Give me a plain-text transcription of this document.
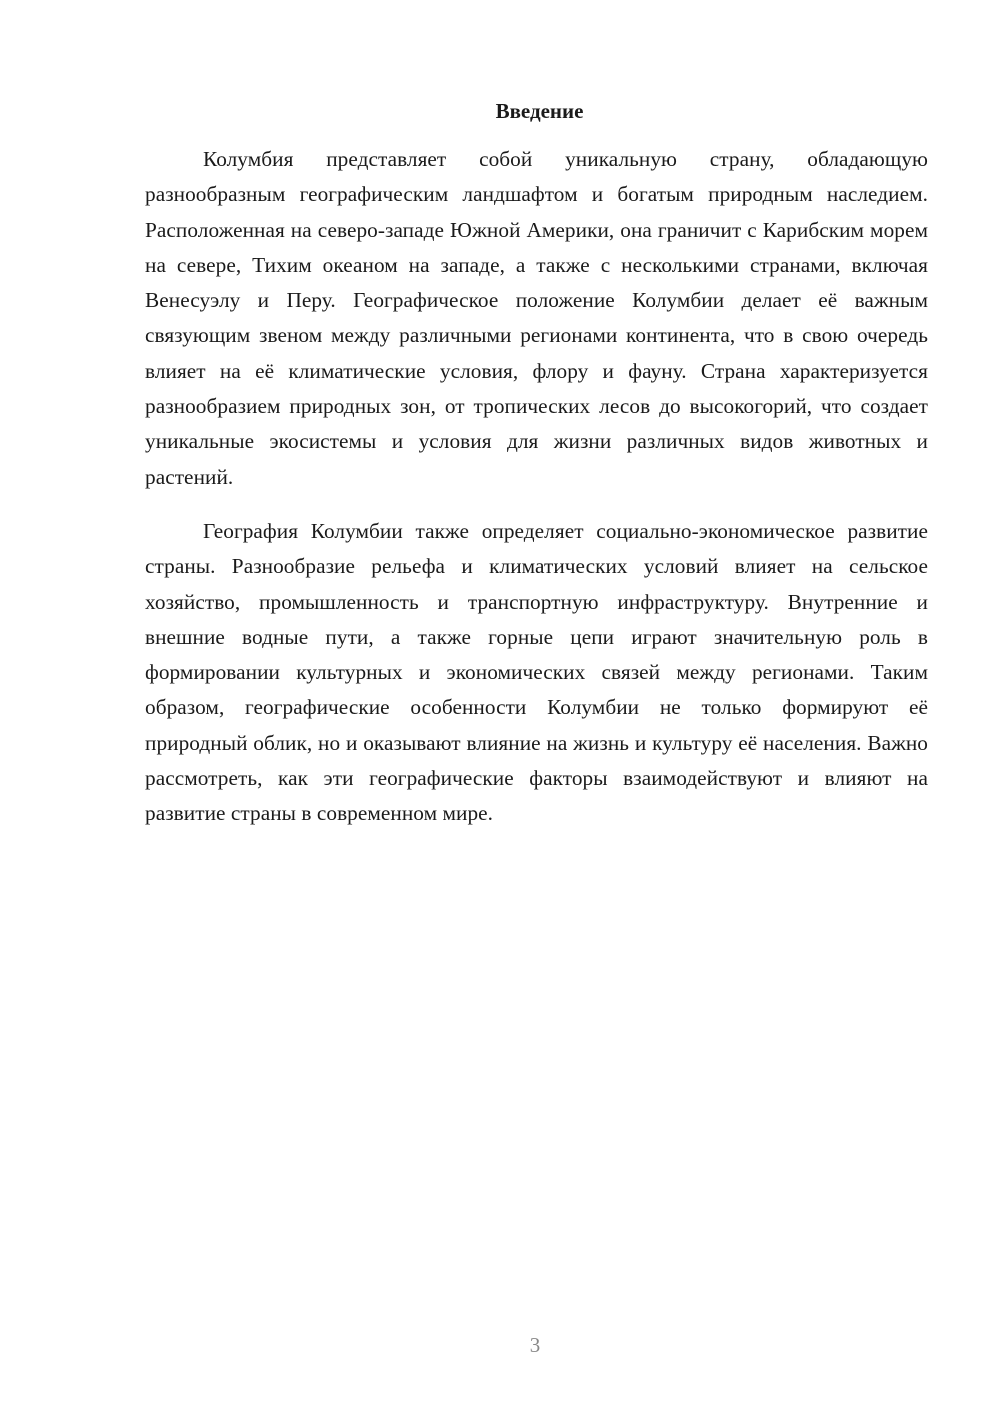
Введение

Колумбия представляет собой уникальную страну, обладающую разнообразным географическим ландшафтом и богатым природным наследием. Расположенная на северо-западе Южной Америки, она граничит с Карибским морем на севере, Тихим океаном на западе, а также с несколькими странами, включая Венесуэлу и Перу. Географическое положение Колумбии делает её важным связующим звеном между различными регионами континента, что в свою очередь влияет на её климатические условия, флору и фауну. Страна характеризуется разнообразием природных зон, от тропических лесов до высокогорий, что создает уникальные экосистемы и условия для жизни различных видов животных и растений.

География Колумбии также определяет социально-экономическое развитие страны. Разнообразие рельефа и климатических условий влияет на сельское хозяйство, промышленность и транспортную инфраструктуру. Внутренние и внешние водные пути, а также горные цепи играют значительную роль в формировании культурных и экономических связей между регионами. Таким образом, географические особенности Колумбии не только формируют её природный облик, но и оказывают влияние на жизнь и культуру её населения. Важно рассмотреть, как эти географические факторы взаимодействуют и влияют на развитие страны в современном мире.

3
